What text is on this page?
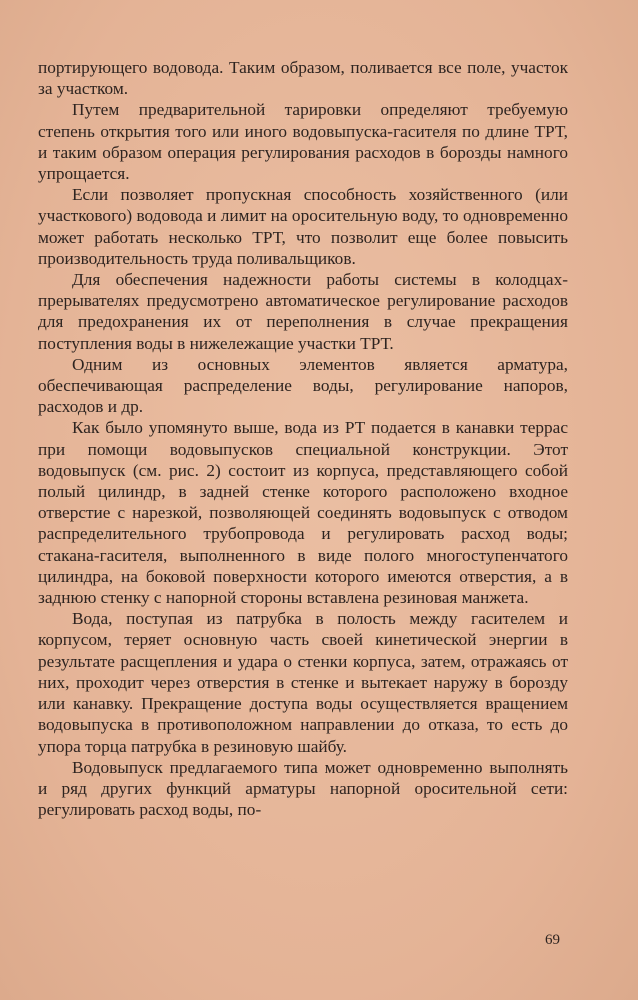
портирующего водовода. Таким образом, поливается все поле, участок за участком.

Путем предварительной тарировки определяют требуемую степень открытия того или иного водовыпуска-гасителя по длине ТРТ, и таким образом операция регулирования расходов в борозды намного упрощается.

Если позволяет пропускная способность хозяйственного (или участкового) водовода и лимит на оросительную воду, то одновременно может работать несколько ТРТ, что позволит еще более повысить производительность труда поливальщиков.

Для обеспечения надежности работы системы в колодцах-прерывателях предусмотрено автоматическое регулирование расходов для предохранения их от переполнения в случае прекращения поступления воды в нижележащие участки ТРТ.

Одним из основных элементов является арматура, обеспечивающая распределение воды, регулирование напоров, расходов и др.

Как было упомянуто выше, вода из РТ подается в канавки террас при помощи водовыпусков специальной конструкции. Этот водовыпуск (см. рис. 2) состоит из корпуса, представляющего собой полый цилиндр, в задней стенке которого расположено входное отверстие с нарезкой, позволяющей соединять водовыпуск с отводом распределительного трубопровода и регулировать расход воды; стакана-гасителя, выполненного в виде полого многоступенчатого цилиндра, на боковой поверхности которого имеются отверстия, а в заднюю стенку с напорной стороны вставлена резиновая манжета.

Вода, поступая из патрубка в полость между гасителем и корпусом, теряет основную часть своей кинетической энергии в результате расщепления и удара о стенки корпуса, затем, отражаясь от них, проходит через отверстия в стенке и вытекает наружу в борозду или канавку. Прекращение доступа воды осуществляется вращением водовыпуска в противоположном направлении до отказа, то есть до упора торца патрубка в резиновую шайбу.

Водовыпуск предлагаемого типа может одновременно выполнять и ряд других функций арматуры напорной оросительной сети: регулировать расход воды, по-

69
